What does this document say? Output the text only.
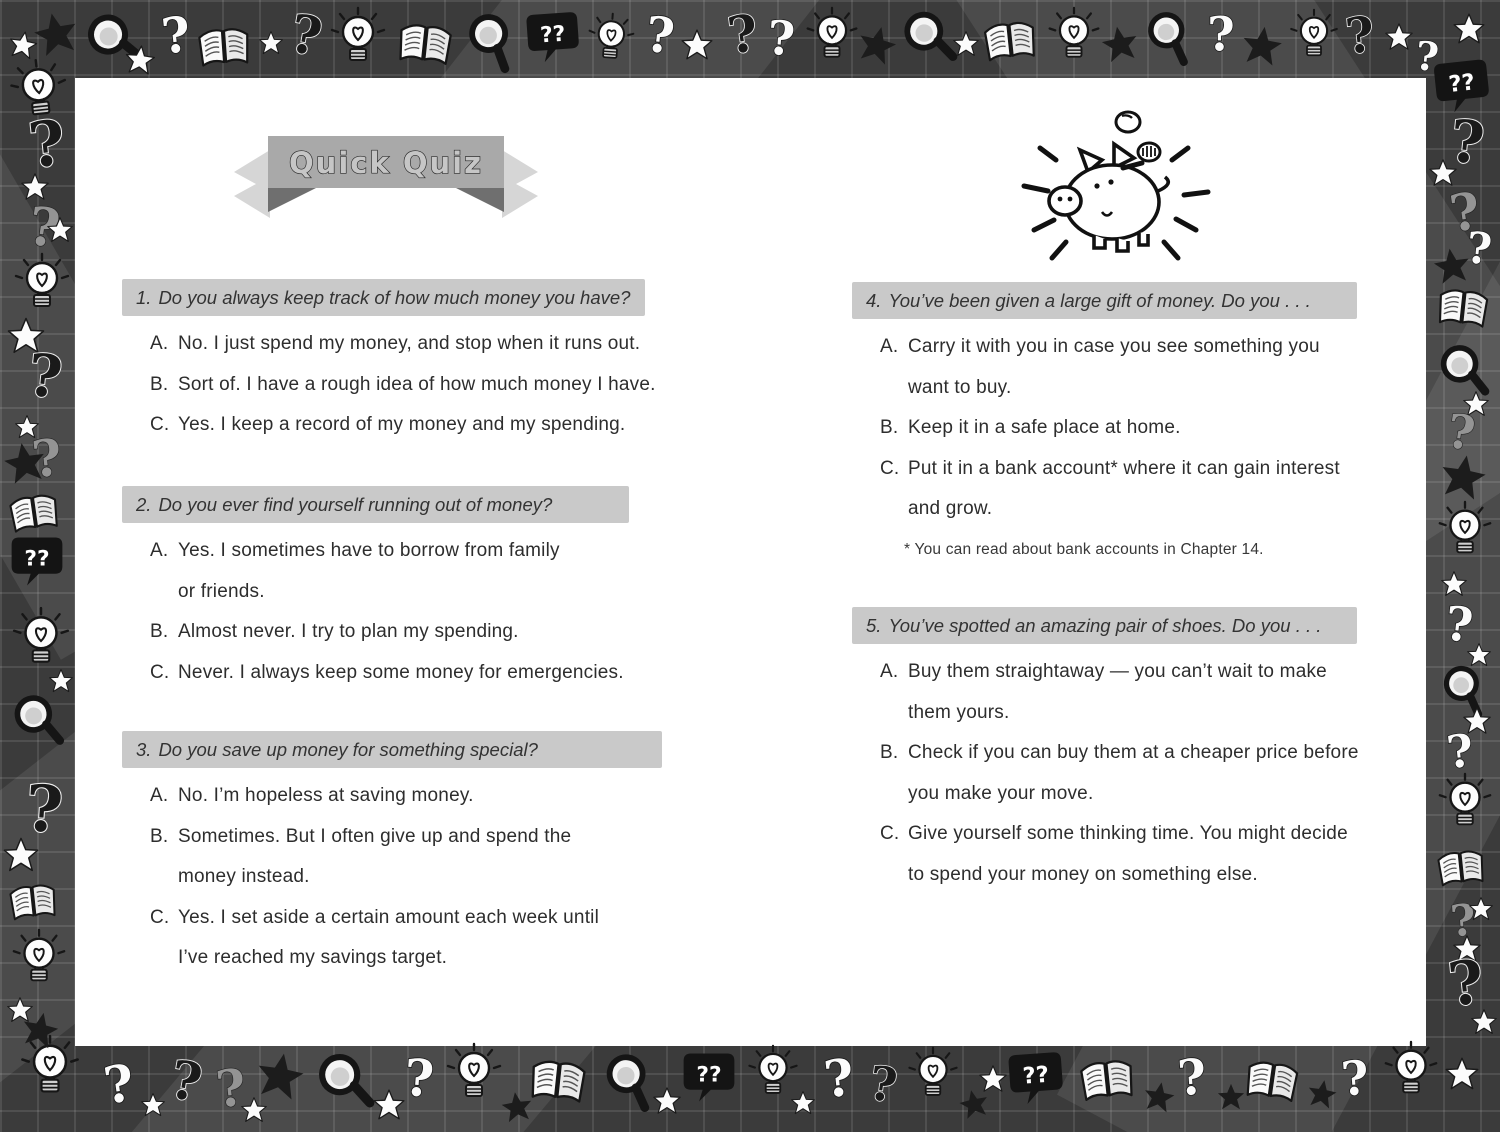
Quick Quiz
1. Do you always keep track of how much money you have?
A. No. I just spend my money, and stop when it runs out.
B. Sort of. I have a rough idea of how much money I have.
C. Yes. I keep a record of my money and my spending.
2. Do you ever find yourself running out of money?
A. Yes. I sometimes have to borrow from family
or friends.
B. Almost never. I try to plan my spending.
C. Never. I always keep some money for emergencies.
3. Do you save up money for something special?
A. No. I’m hopeless at saving money.
B. Sometimes. But I often give up and spend the
money instead.
C. Yes. I set aside a certain amount each week until
I’ve reached my savings target.
4. You’ve been given a large gift of money. Do you . . .
A. Carry it with you in case you see something you
want to buy.
B. Keep it in a safe place at home.
C. Put it in a bank account* where it can gain interest
and grow.
* You can read about bank accounts in Chapter 14.
5. You’ve spotted an amazing pair of shoes. Do you . . .
A. Buy them straightaway — you can’t wait to make
them yours.
B. Check if you can buy them at a cheaper price before
you make your move.
C. Give yourself some thinking time. You might decide
to spend your money on something else.
